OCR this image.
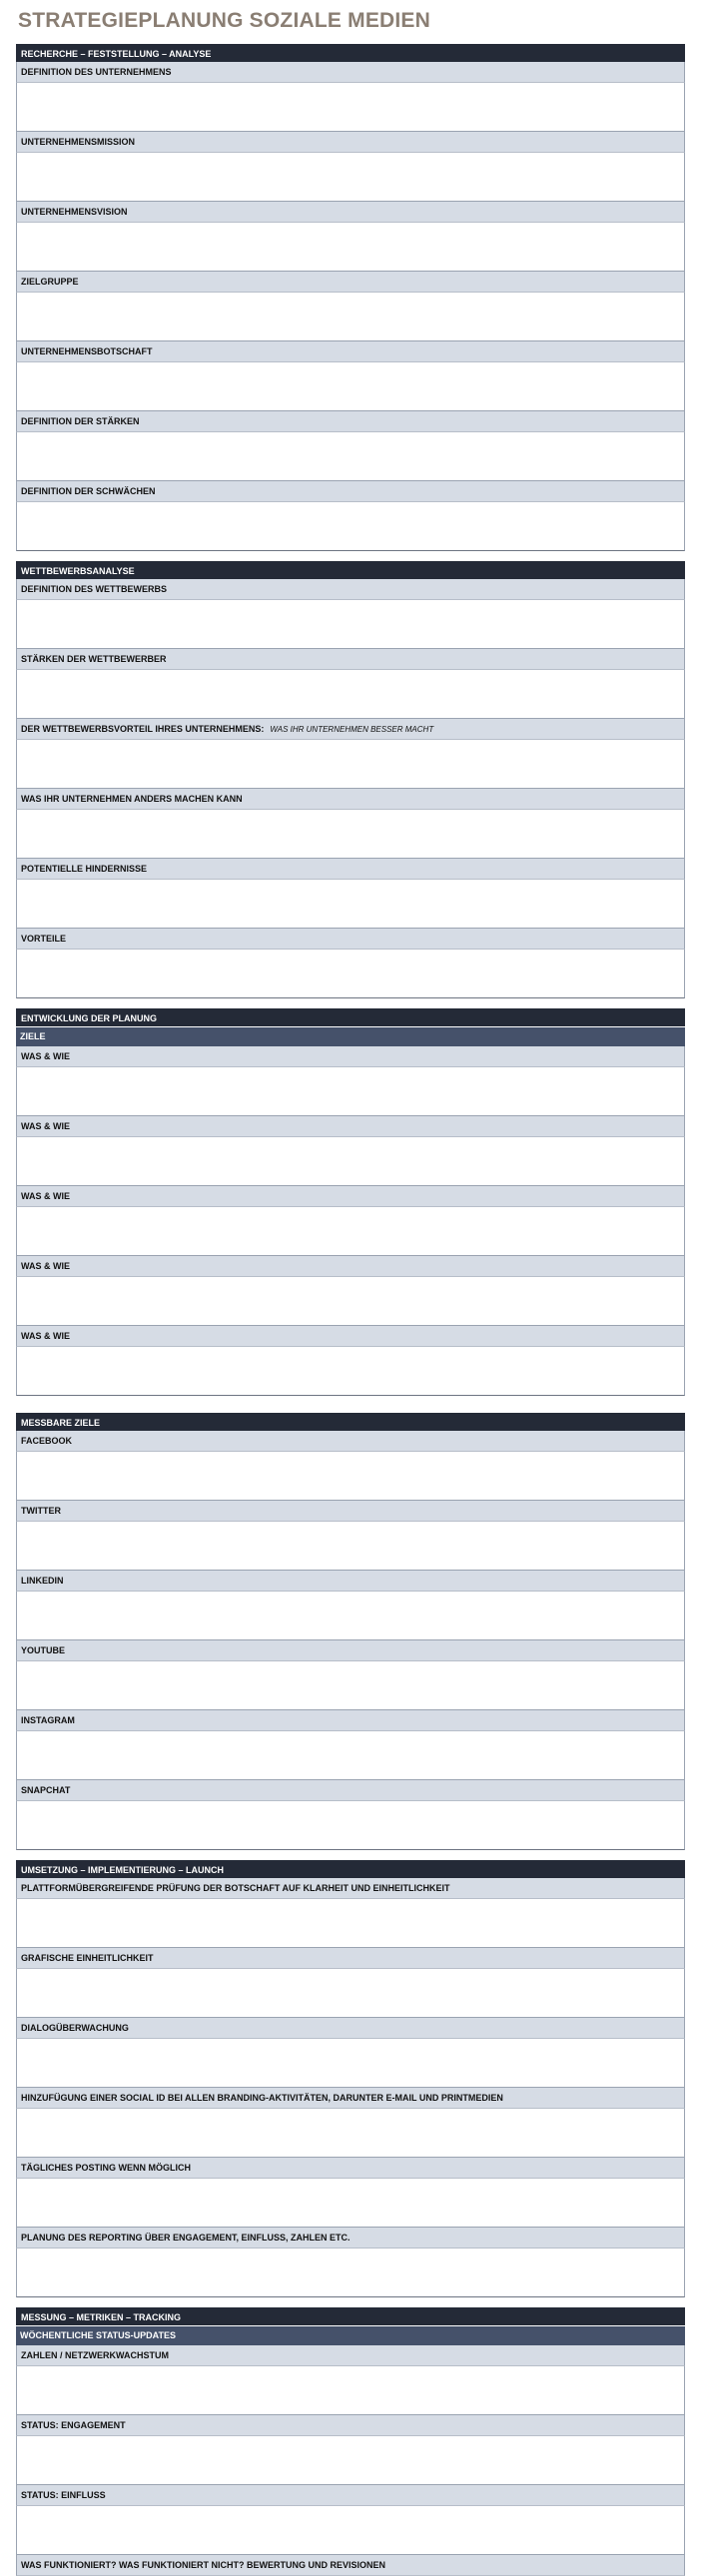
STRATEGIEPLANUNG SOZIALE MEDIEN
RECHERCHE – FESTSTELLUNG – ANALYSE
DEFINITION DES UNTERNEHMENS
UNTERNEHMENSMISSION
UNTERNEHMENSVISION
ZIELGRUPPE
UNTERNEHMENSBOTSCHAFT
DEFINITION DER STÄRKEN
DEFINITION DER SCHWÄCHEN
WETTBEWERBSANALYSE
DEFINITION DES WETTBEWERBS
STÄRKEN DER WETTBEWERBER
DER WETTBEWERBSVORTEIL IHRES UNTERNEHMENS: WAS IHR UNTERNEHMEN BESSER MACHT
WAS IHR UNTERNEHMEN ANDERS MACHEN KANN
POTENTIELLE HINDERNISSE
VORTEILE
ENTWICKLUNG DER PLANUNG
ZIELE
WAS & WIE
WAS & WIE
WAS & WIE
WAS & WIE
WAS & WIE
MESSBARE ZIELE
FACEBOOK
TWITTER
LINKEDIN
YOUTUBE
INSTAGRAM
SNAPCHAT
UMSETZUNG – IMPLEMENTIERUNG – LAUNCH
PLATTFORMÜBERGREIFENDE PRÜFUNG DER BOTSCHAFT AUF KLARHEIT UND EINHEITLICHKEIT
GRAFISCHE EINHEITLICHKEIT
DIALOGÜBERWACHUNG
HINZUFÜGUNG EINER SOCIAL ID BEI ALLEN BRANDING-AKTIVITÄTEN, DARUNTER E-MAIL UND PRINTMEDIEN
TÄGLICHES POSTING WENN MÖGLICH
PLANUNG DES REPORTING ÜBER ENGAGEMENT, EINFLUSS, ZAHLEN ETC.
MESSUNG – METRIKEN – TRACKING
WÖCHENTLICHE STATUS-UPDATES
ZAHLEN / NETZWERKWACHSTUM
STATUS: ENGAGEMENT
STATUS: EINFLUSS
WAS FUNKTIONIERT? WAS FUNKTIONIERT NICHT? BEWERTUNG UND REVISIONEN
